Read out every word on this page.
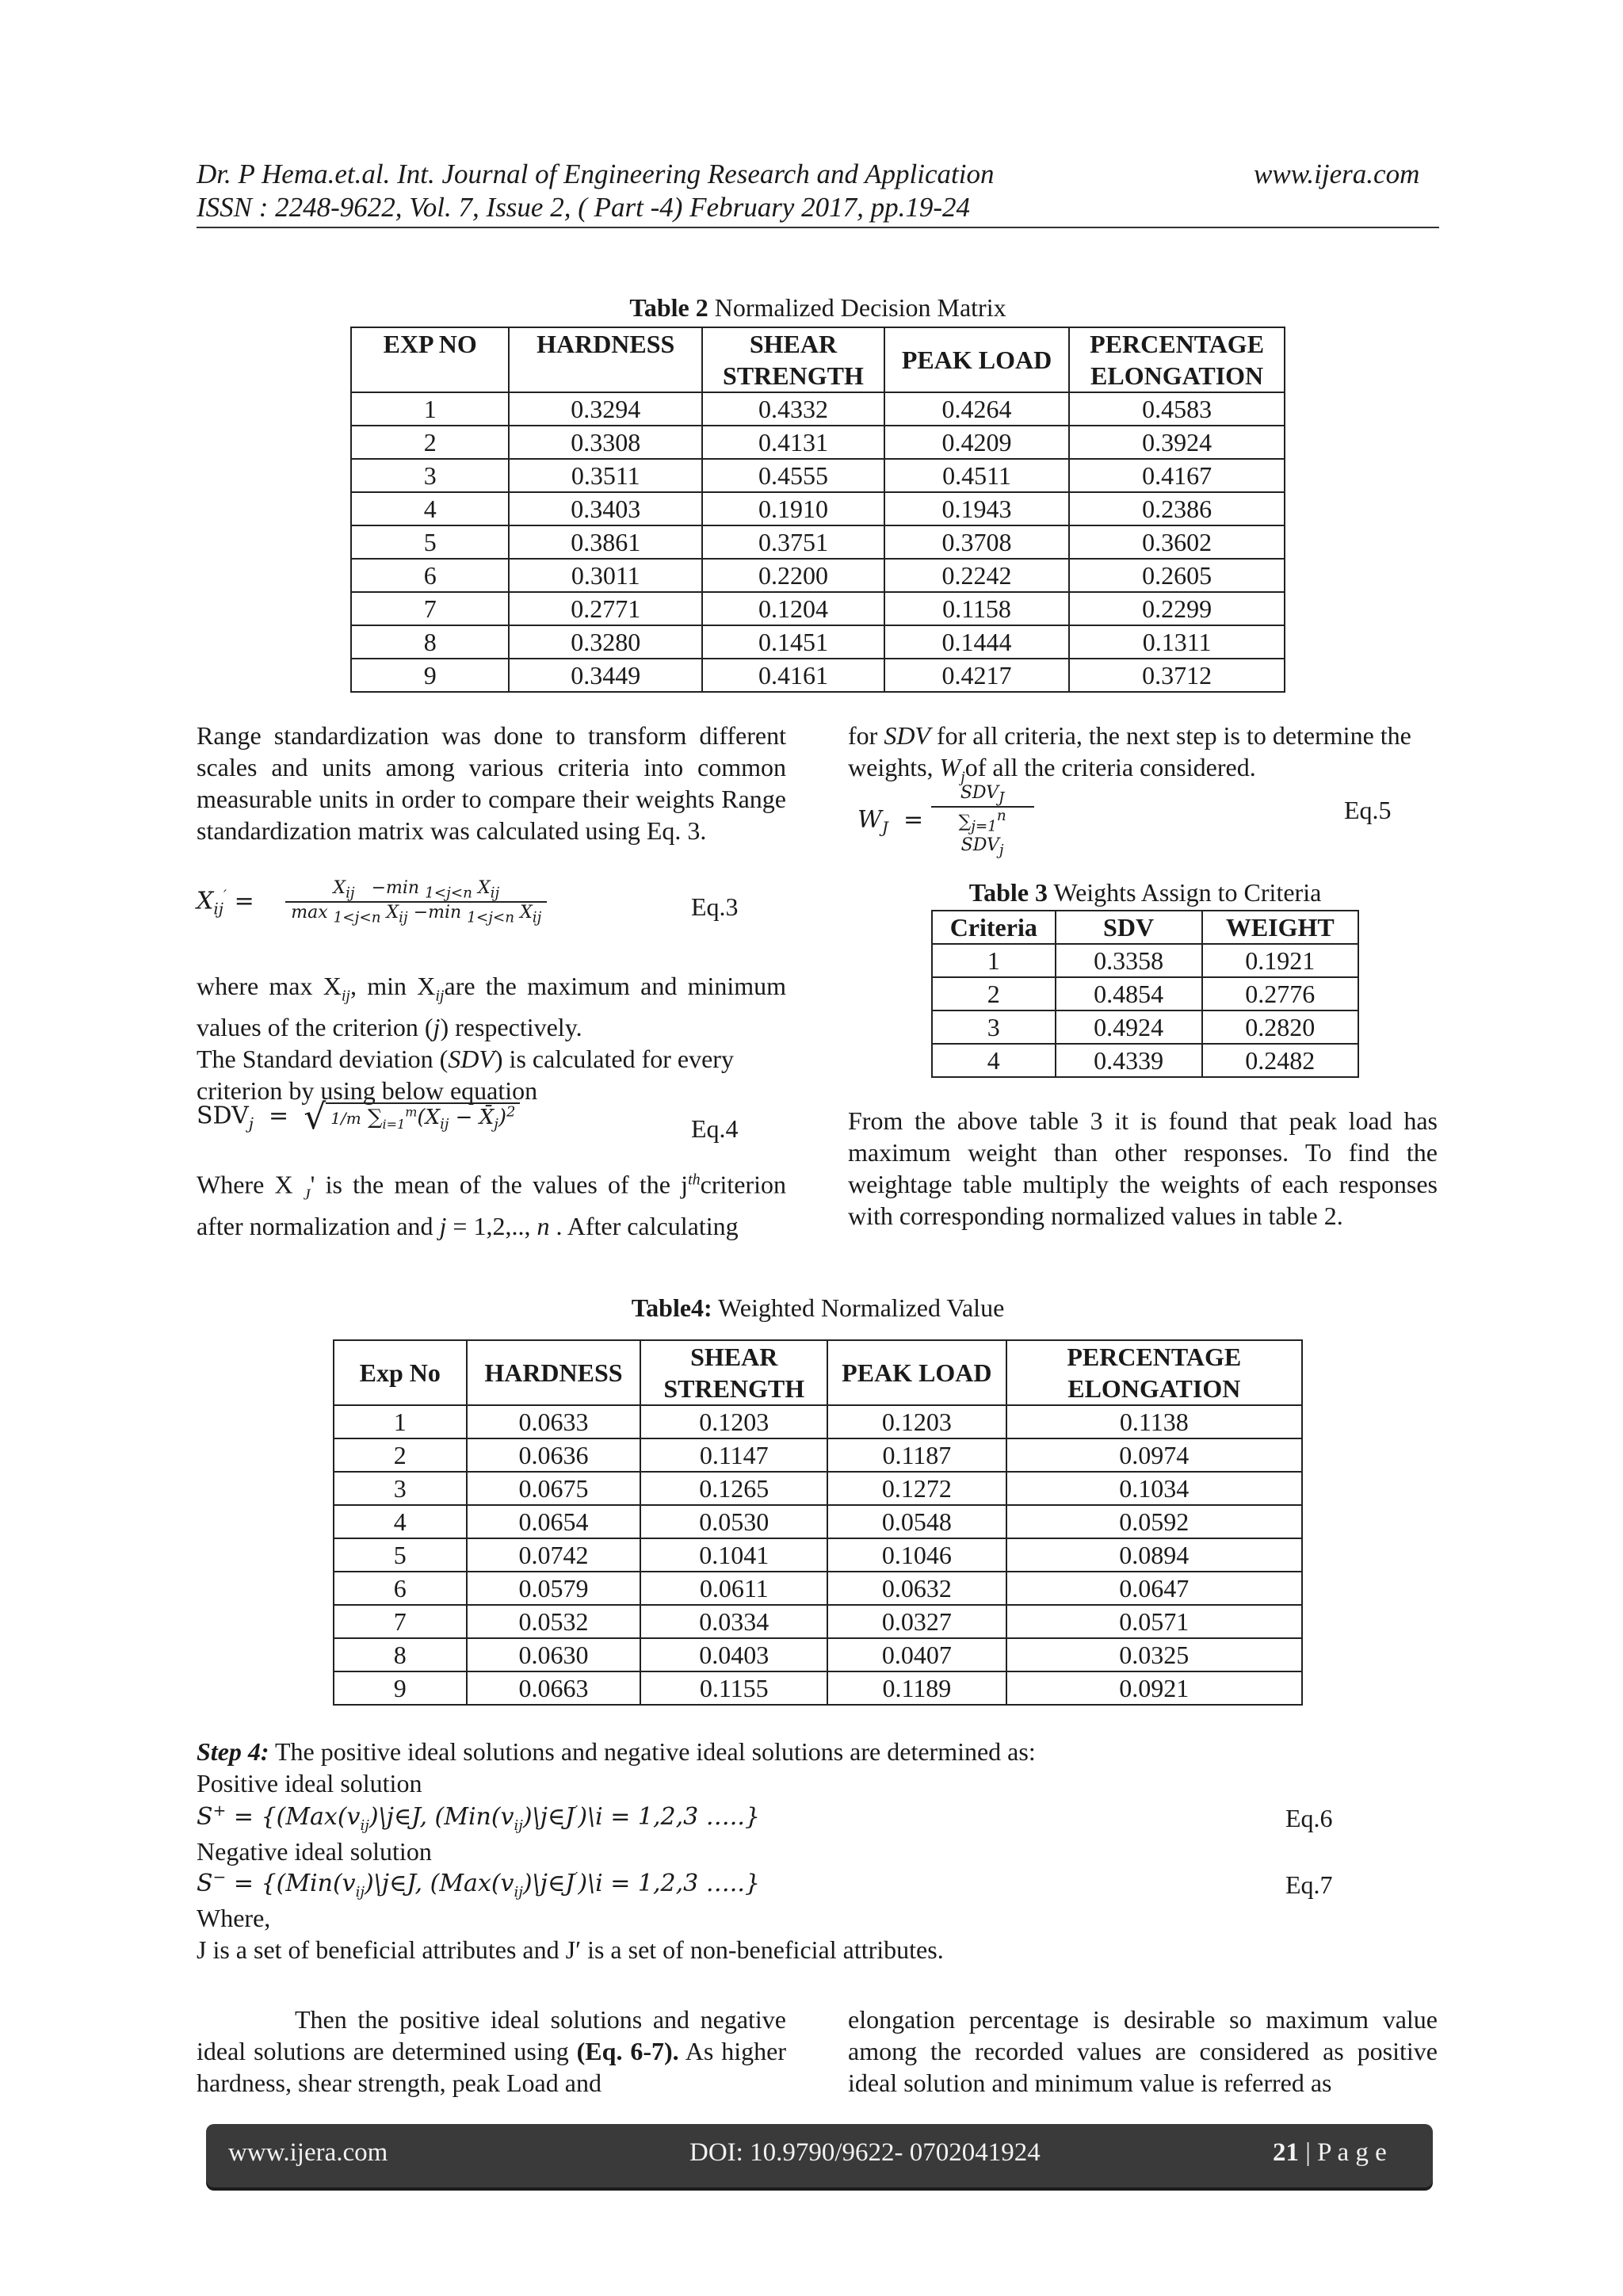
Dr. P Hema.et.al. Int. Journal of Engineering Research and Application	www.ijera.com
ISSN : 2248-9622, Vol. 7, Issue 2, ( Part -4) February 2017, pp.19-24
Table 2 Normalized Decision Matrix
EXP NO	HARDNESS	SHEAR STRENGTH	PEAK LOAD	PERCENTAGE ELONGATION
1	0.3294	0.4332	0.4264	0.4583
2	0.3308	0.4131	0.4209	0.3924
3	0.3511	0.4555	0.4511	0.4167
4	0.3403	0.1910	0.1943	0.2386
5	0.3861	0.3751	0.3708	0.3602
6	0.3011	0.2200	0.2242	0.2605
7	0.2771	0.1204	0.1158	0.2299
8	0.3280	0.1451	0.1444	0.1311
9	0.3449	0.4161	0.4217	0.3712

Range standardization was done to transform different scales and units among various criteria into common measurable units in order to compare their weights Range standardization matrix was calculated using Eq. 3.

$X_{ij}' = \frac{X_{ij} -\min _{1<j<n} X_{ij}}{\max _{1<j<n} X_{ij} -\min _{1<j<n} X_{ij}}$	Eq.3

where $\max X_{ij}$, $\min X_{ij}are$ the maximum and minimum values of the criterion (j) respectively.

The Standard deviation (SDV) is calculated for every criterion by using below equation

$SDV_j$  =  √ 1/m $\sum_{i=1}^m(X_{ij}$ − $X̄_j)^2$
Eq.4

Where X $_J$' is the mean of the values of the $j^{th}criterion$ after normalization and j = 1,2,.., n . After calculating

for SDV for all criteria, the next step is to determine the weights, $W_jof$ all the criteria considered.

$W_J = \frac{SDV_J}{\sum_{j=1}^n SDV_j}$	Eq.5
Table 3 Weights Assign to Criteria
Criteria	SDV	WEIGHT
1	0.3358	0.1921
2	0.4854	0.2776
3	0.4924	0.2820
4	0.4339	0.2482

From the above table 3 it is found that peak load has maximum weight than other responses. To find the weightage table multiply the weights of each responses with corresponding normalized values in table 2.

Table4: Weighted Normalized Value
Exp No	HARDNESS	SHEAR STRENGTH	PEAK LOAD	PERCENTAGE ELONGATION
1	0.0633	0.1203	0.1203	0.1138
2	0.0636	0.1147	0.1187	0.0974
3	0.0675	0.1265	0.1272	0.1034
4	0.0654	0.0530	0.0548	0.0592
5	0.0742	0.1041	0.1046	0.0894
6	0.0579	0.0611	0.0632	0.0647
7	0.0532	0.0334	0.0327	0.0571
8	0.0630	0.0403	0.0407	0.0325
9	0.0663	0.1155	0.1189	0.0921

Step 4: The positive ideal solutions and negative ideal solutions are determined as:

Positive ideal solution

$S^+ = \{(Max(v_{ij})\backslash j\in J$, $(Min(v_{ij})\backslash j\in J')\backslash i = 1,2,3$ …..}	Eq.6

Negative ideal solution

$S^- = \{(Min(v_{ij})\backslash j\in J$, $(Max(v_{ij})\backslash j\in J')\backslash i = 1,2,3$ …..}	Eq.7

Where,

J is a set of beneficial attributes and J′ is a set of non-beneficial attributes.

Then the positive ideal solutions and negative ideal solutions are determined using (Eq. 6-7). As higher hardness, shear strength, peak Load and

elongation percentage is desirable so maximum value among the recorded values are considered as positive ideal solution and minimum value is referred as

www.ijera.com	DOI: 10.9790/9622- 0702041924	21 | P a g e
